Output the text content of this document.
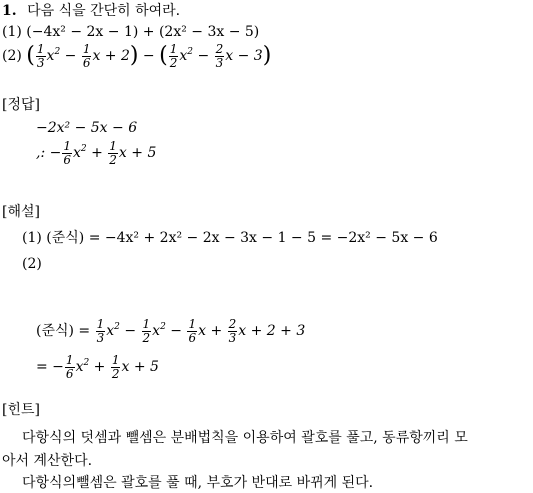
1. 다음 식을 간단히 하여라.
(1) (−4x² − 2x − 1) + (2x² − 3x − 5)
(2) ( $\frac{1}{3} x^2 - \frac{1}{6}$ x + 2) − ( $\frac{1}{2} x^2 - \frac{2}{3}$ x − 3)
[정답]
−2x² − 5x − 6
,: − $\frac{1}{6} x^2 + \frac{1}{2}$ x + 5
[해설]
(1) (준식) = −4x² + 2x² − 2x − 3x − 1 − 5 = −2x² − 5x − 6
(2)
(준식) = $\frac{1}{3} x^2 - \frac{1}{2} x^2 - \frac{1}{6}$ $x + \frac{2}{3}$ x + 2 + 3
= − $\frac{1}{6} x^2 + \frac{1}{2}$ x + 5
[힌트]
다항식의 덧셈과 뺄셈은 분배법칙을 이용하여 괄호를 풀고, 동류항끼리 모
아서 계산한다.
다항식의뺄셈은 괄호를 풀 때, 부호가 반대로 바뀌게 된다.
